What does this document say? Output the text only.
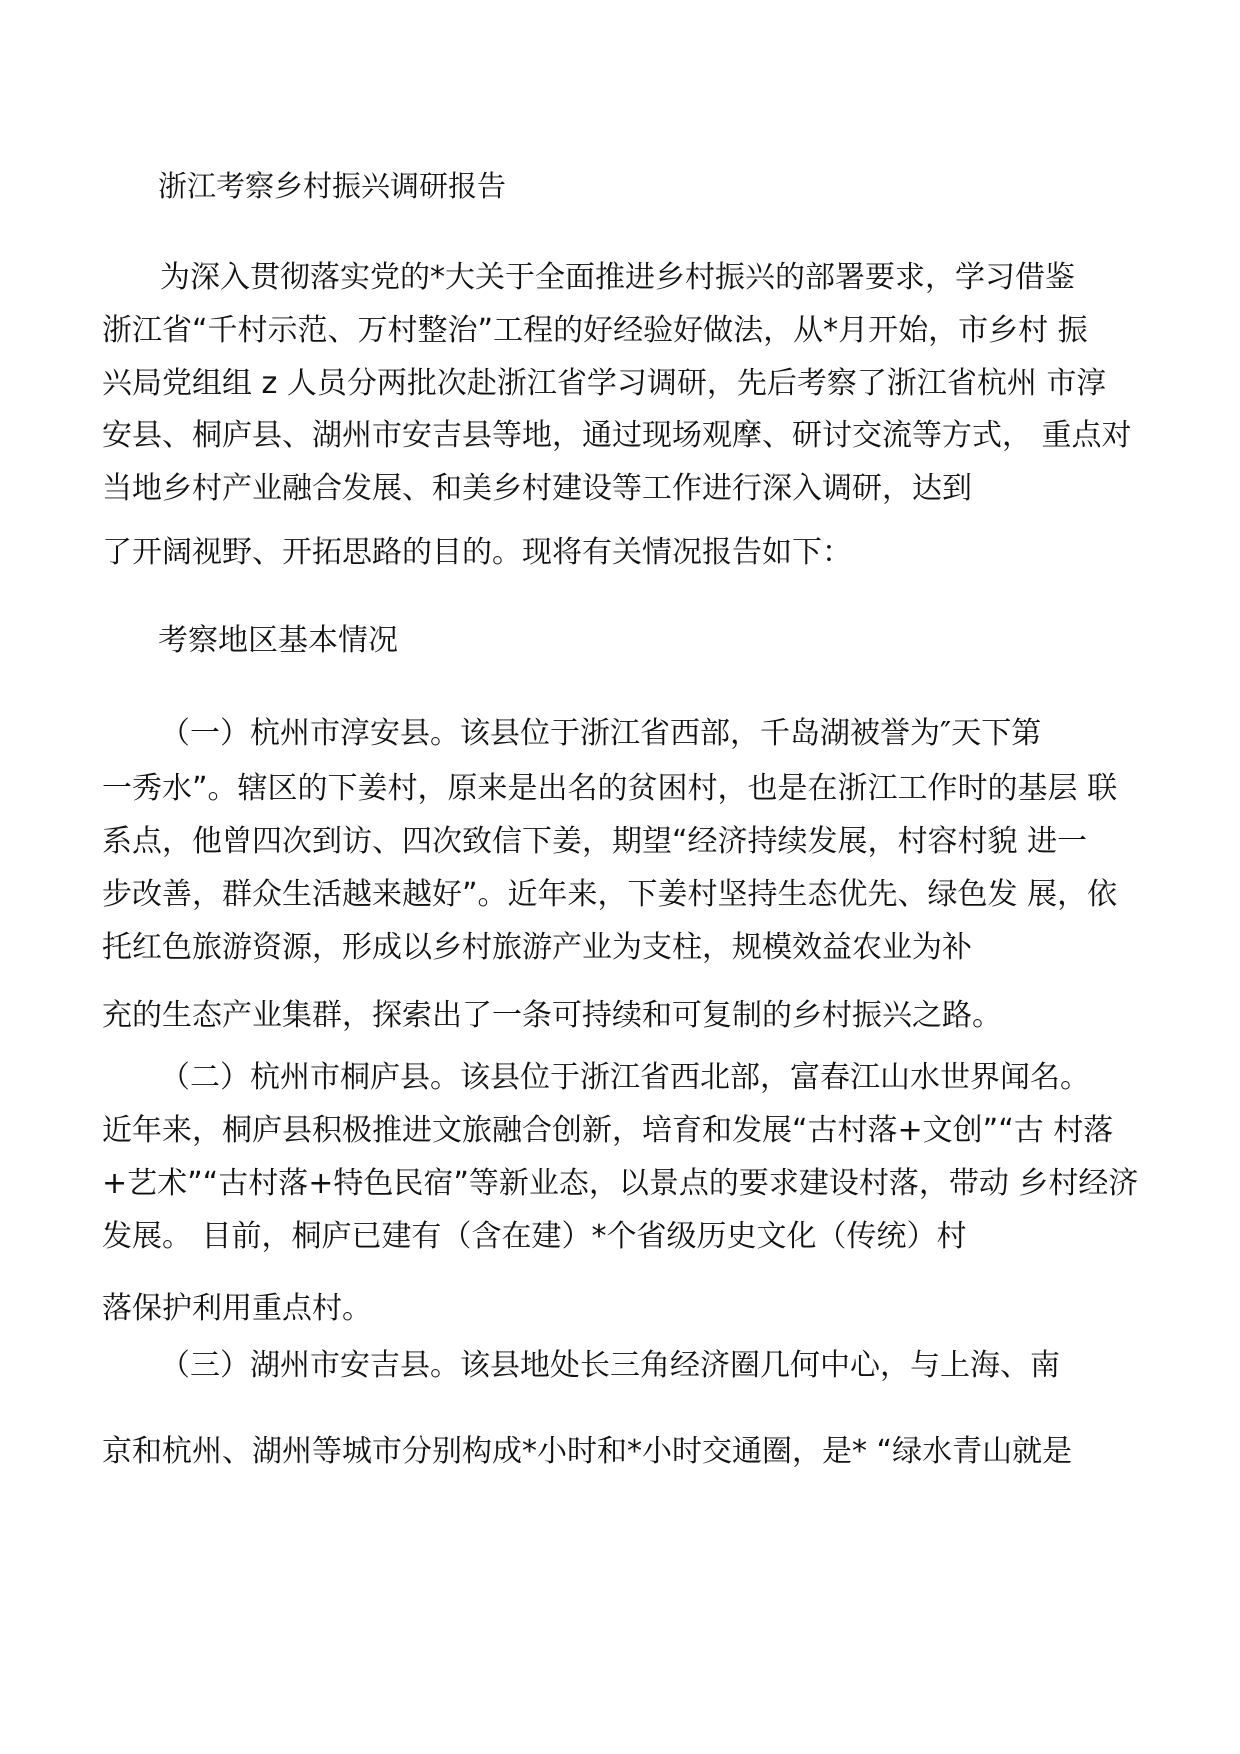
浙江考察乡村振兴调研报告

为深入贯彻落实党的*大关于全面推进乡村振兴的部署要求，学习借鉴

浙江省“千村示范、万村整治”工程的好经验好做法，从*月开始，市乡村 振

兴局党组组 z 人员分两批次赴浙江省学习调研，先后考察了浙江省杭州 市淳

安县、桐庐县、湖州市安吉县等地，通过现场观摩、研讨交流等方式， 重点对

当地乡村产业融合发展、和美乡村建设等工作进行深入调研，达到

了开阔视野、开拓思路的目的。现将有关情况报告如下：

考察地区基本情况

（一）杭州市淳安县。该县位于浙江省西部，千岛湖被誉为″天下第

一秀水”。辖区的下姜村，原来是出名的贫困村，也是在浙江工作时的基层 联

系点，他曾四次到访、四次致信下姜，期望“经济持续发展，村容村貌 进一

步改善，群众生活越来越好”。近年来，下姜村坚持生态优先、绿色发 展，依

托红色旅游资源，形成以乡村旅游产业为支柱，规模效益农业为补

充的生态产业集群，探索出了一条可持续和可复制的乡村振兴之路。

（二）杭州市桐庐县。该县位于浙江省西北部，富春江山水世界闻名。

近年来，桐庐县积极推进文旅融合创新，培育和发展“古村落+文创”“古 村落

+艺术”“古村落+特色民宿”等新业态，以景点的要求建设村落，带动 乡村经济

发展。 目前，桐庐已建有（含在建）*个省级历史文化（传统）村

落保护利用重点村。

（三）湖州市安吉县。该县地处长三角经济圈几何中心，与上海、南

京和杭州、湖州等城市分别构成*小时和*小时交通圈，是* “绿水青山就是
